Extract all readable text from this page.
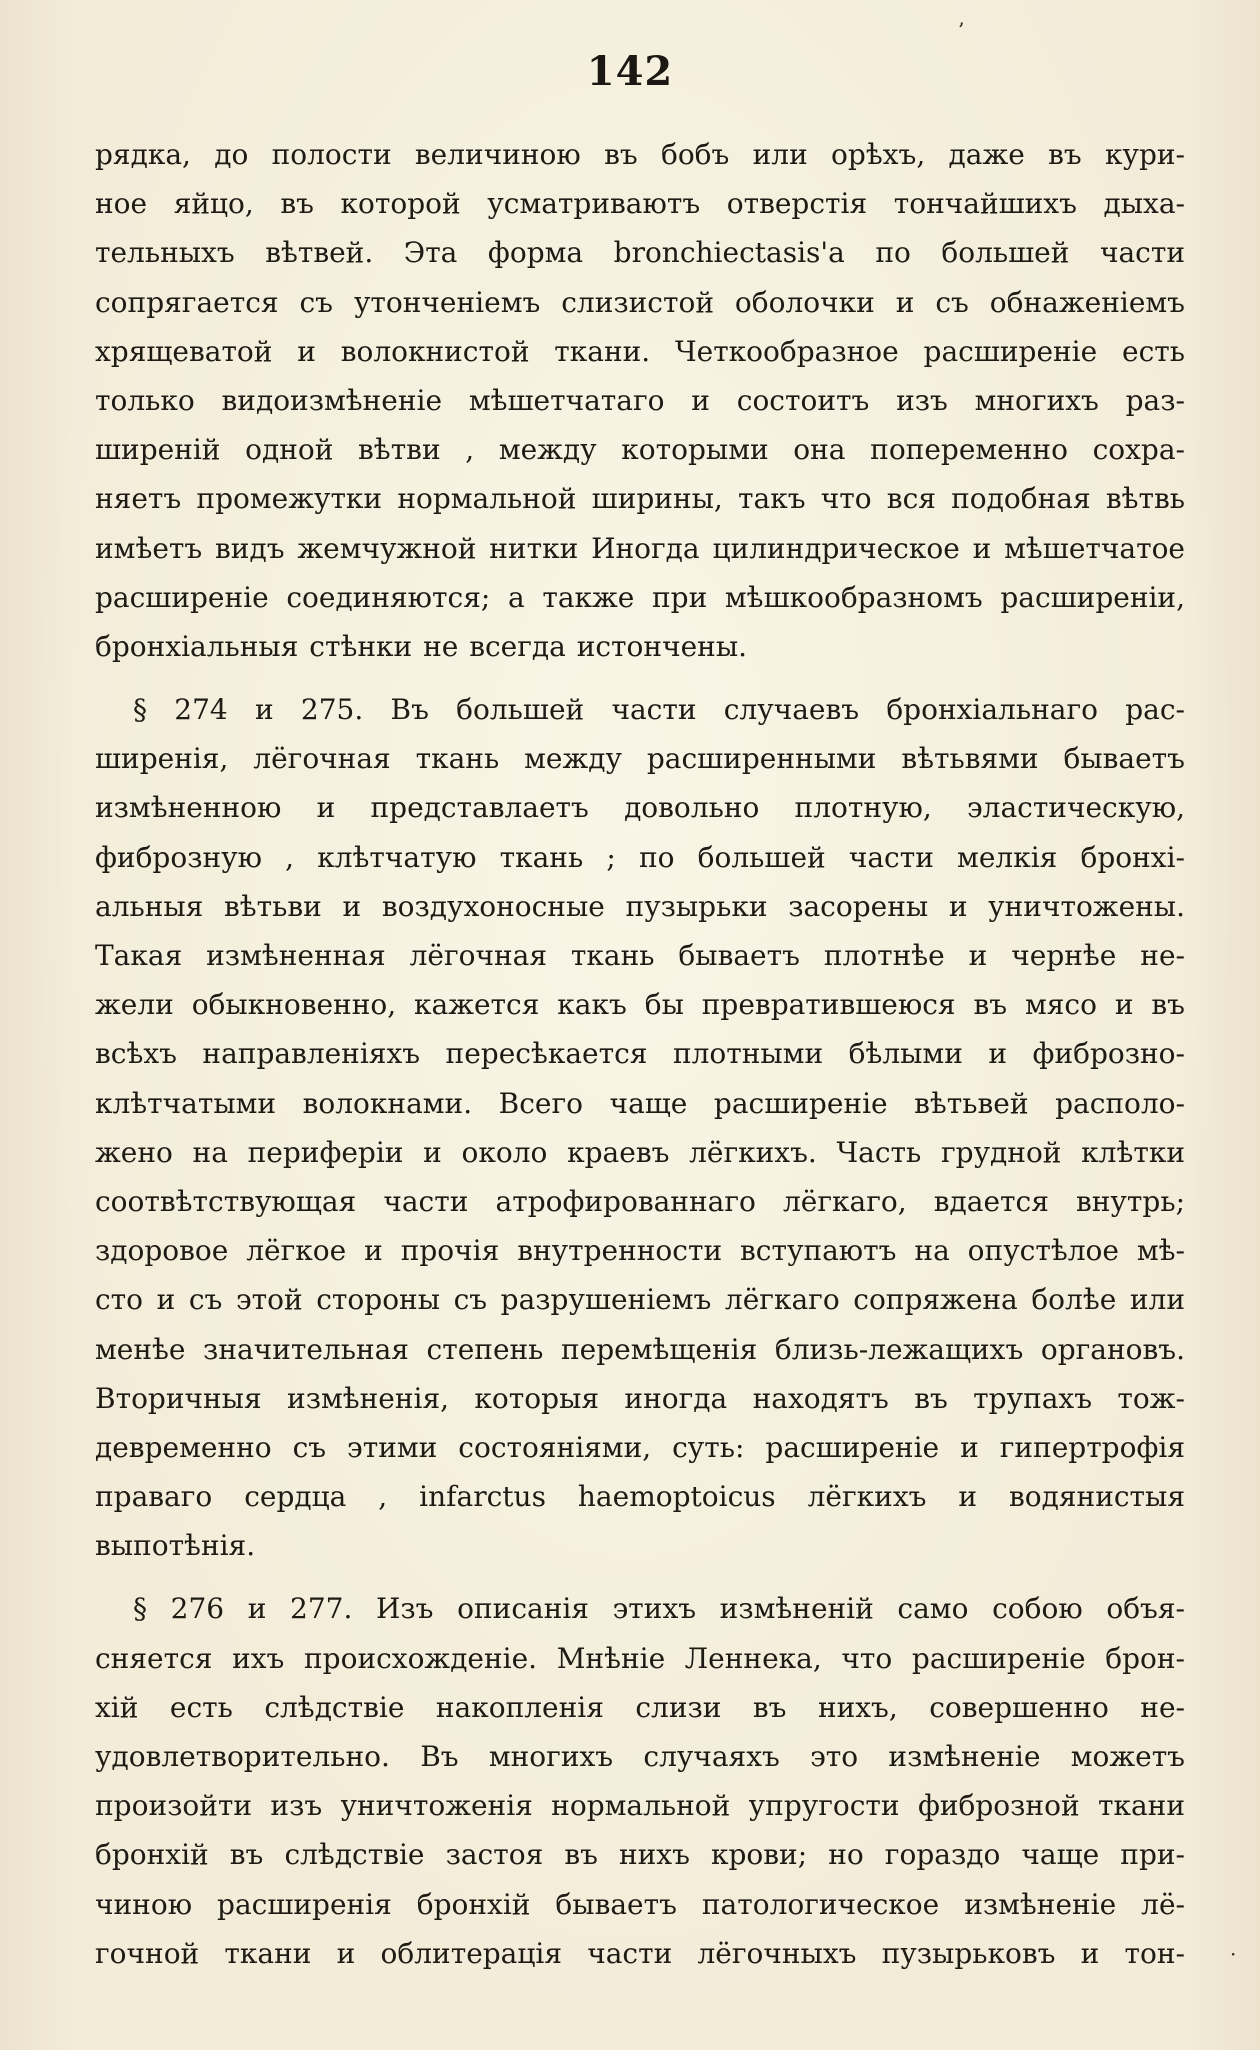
’
·
142
рядка, до полости величиною въ бобъ или орѣхъ, даже въ кури-
ное яйцо, въ которой усматриваютъ отверстія тончайшихъ дыха-
тельныхъ вѣтвей. Эта форма bronchiectasis'а по большей части
сопрягается съ утонченіемъ слизистой оболочки и съ обнаженіемъ
хрящеватой и волокнистой ткани. Четкообразное расширеніе есть
только видоизмѣненіе мѣшетчатаго и состоитъ изъ многихъ раз-
ширеній одной вѣтви , между которыми она попеременно сохра-
няетъ промежутки нормальной ширины, такъ что вся подобная вѣтвь
имѣетъ видъ жемчужной нитки Иногда цилиндрическое и мѣшетчатое
расширеніе соединяются; а также при мѣшкообразномъ расширеніи,
бронхіальныя стѣнки не всегда истончены.
§ 274 и 275. Въ большей части случаевъ бронхіальнаго рас-
ширенія, лёгочная ткань между расширенными вѣтьвями бываетъ
измѣненною и представлаетъ довольно плотную, эластическую,
фиброзную , клѣтчатую ткань ; по большей части мелкія бронхі-
альныя вѣтьви и воздухоносные пузырьки засорены и уничтожены.
Такая измѣненная лёгочная ткань бываетъ плотнѣе и чернѣе не-
жели обыкновенно, кажется какъ бы превратившеюся въ мясо и въ
всѣхъ направленіяхъ пересѣкается плотными бѣлыми и фиброзно-
клѣтчатыми волокнами. Всего чаще расширеніе вѣтьвей располо-
жено на периферіи и около краевъ лёгкихъ. Часть грудной клѣтки
соотвѣтствующая части атрофированнаго лёгкаго, вдается внутрь;
здоровое лёгкое и прочія внутренности вступаютъ на опустѣлое мѣ-
сто и съ этой стороны съ разрушеніемъ лёгкаго сопряжена болѣе или
менѣе значительная степень перемѣщенія близь-лежащихъ органовъ.
Вторичныя измѣненія, которыя иногда находятъ въ трупахъ тож-
девременно съ этими состояніями, суть: расширеніе и гипертрофія
праваго сердца , infarctus haemoptoicus лёгкихъ и водянистыя
выпотѣнія.
§ 276 и 277. Изъ описанія этихъ измѣненій само собою объя-
сняется ихъ происхожденіе. Мнѣніе Леннека, что расширеніе брон-
хій есть слѣдствіе накопленія слизи въ нихъ, совершенно не-
удовлетворительно. Въ многихъ случаяхъ это измѣненіе можетъ
произойти изъ уничтоженія нормальной упругости фиброзной ткани
бронхій въ слѣдствіе застоя въ нихъ крови; но гораздо чаще при-
чиною расширенія бронхій бываетъ патологическое измѣненіе лё-
гочной ткани и облитерація части лёгочныхъ пузырьковъ и тон-
